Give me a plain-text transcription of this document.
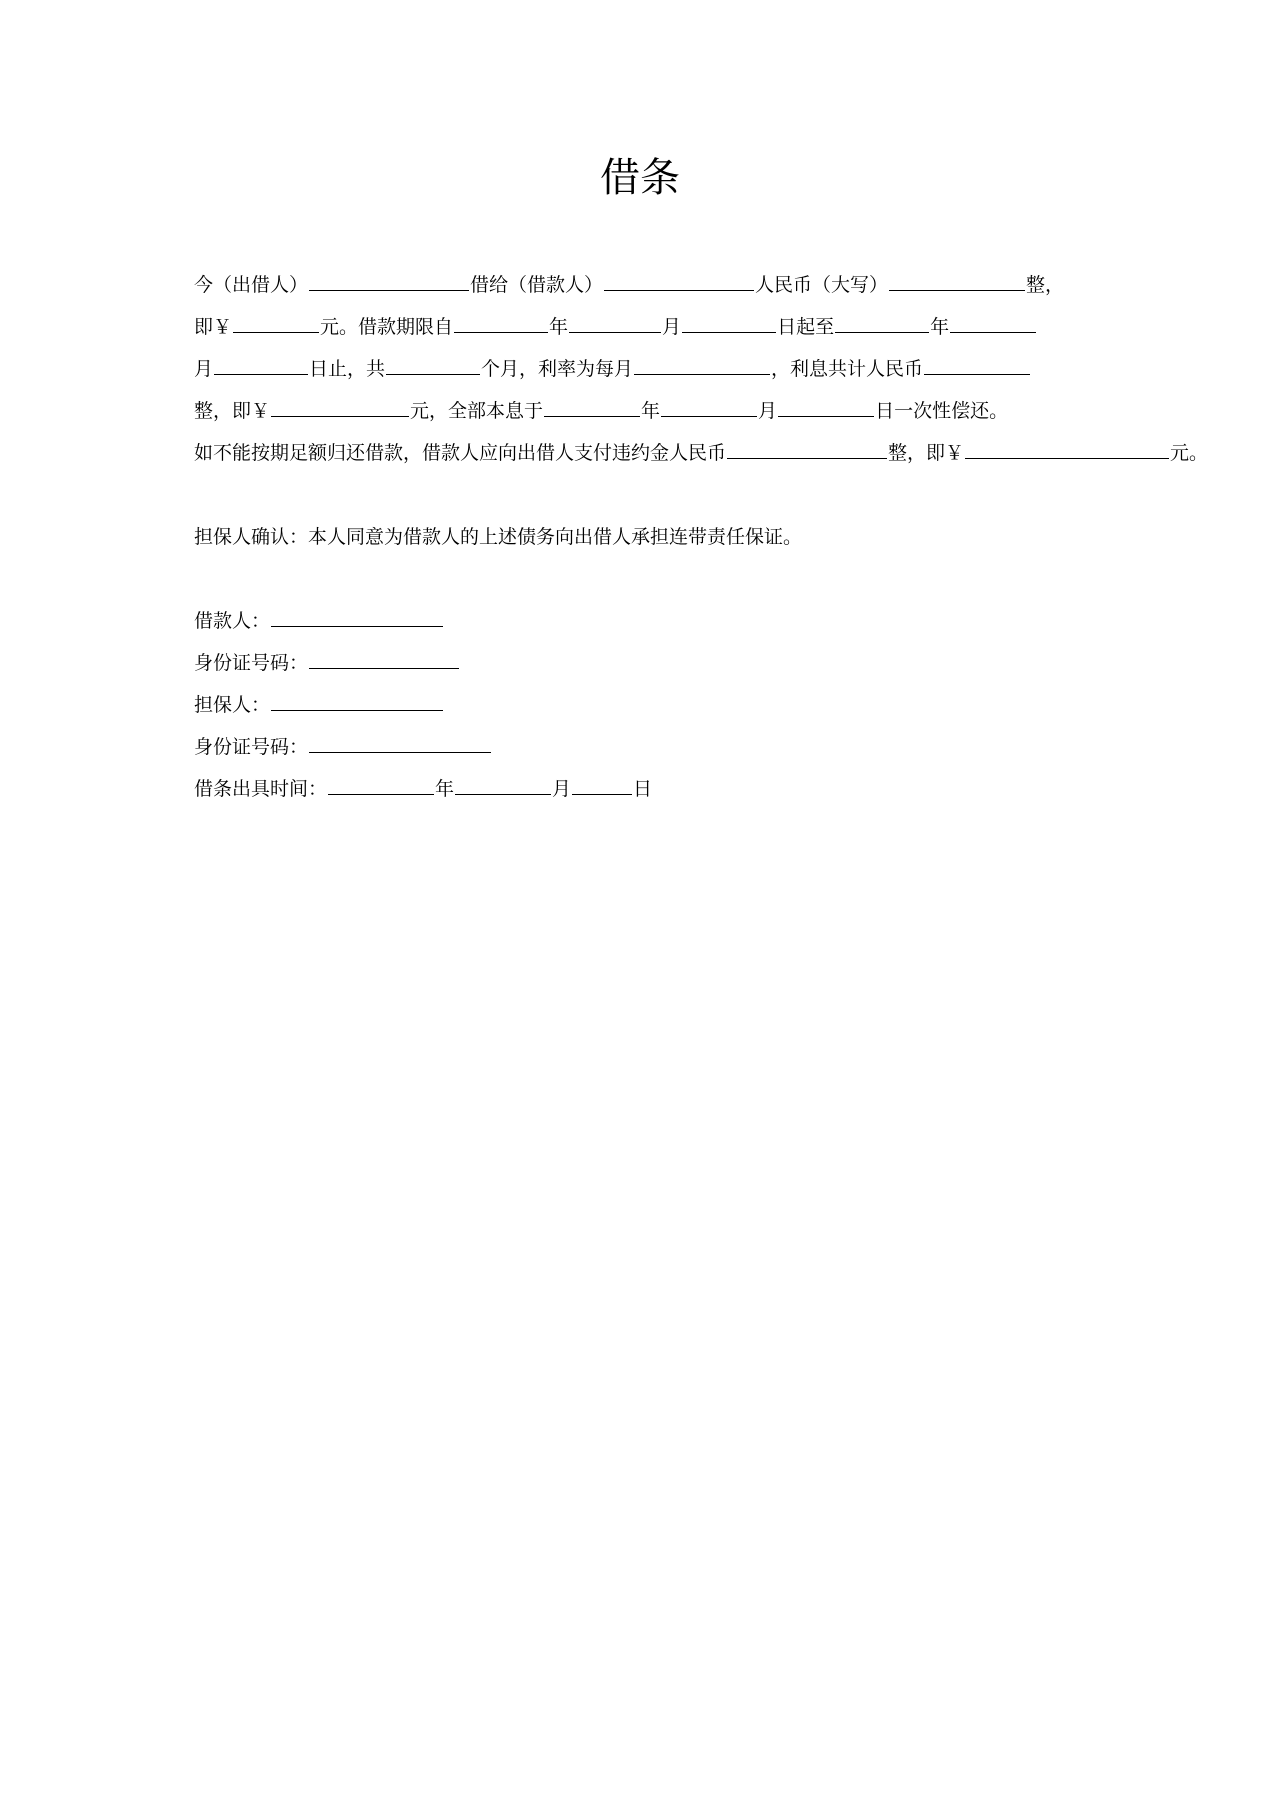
借条
今（出借人）	借给（借款人）	人民币（大写）	整，
即￥	元。借款期限自	年	月	日起至	年
月	日止，共	个月，利率为每月	，利息共计人民币
整，即￥	元，全部本息于	年	月	日一次性偿还。
如不能按期足额归还借款，借款人应向出借人支付违约金人民币	整，即￥	元。
担保人确认：本人同意为借款人的上述债务向出借人承担连带责任保证。
借款人：
身份证号码：
担保人：
身份证号码：
借条出具时间：	年	月	日
